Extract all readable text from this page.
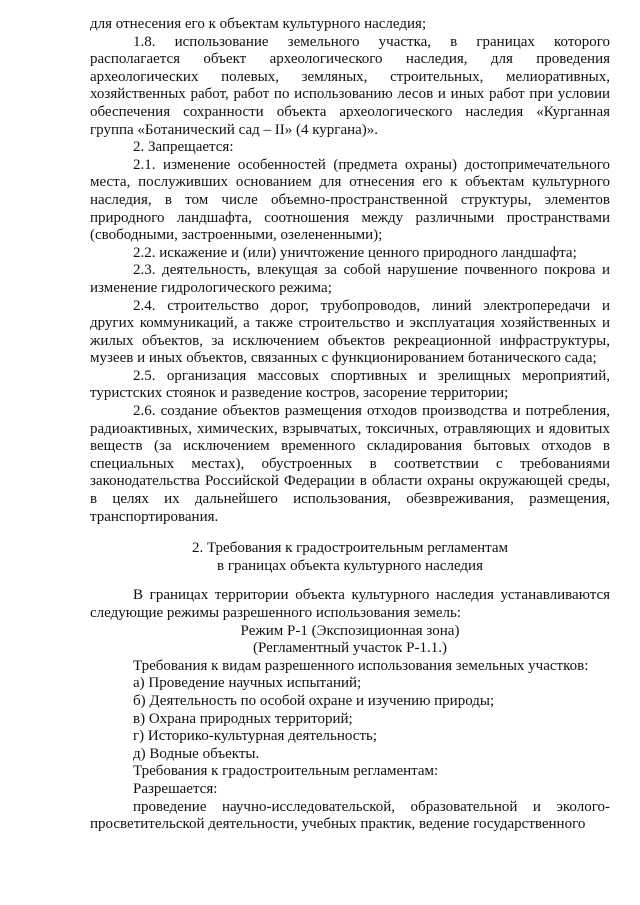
для отнесения его к объектам культурного наследия;

1.8. использование земельного участка, в границах которого располагается объект археологического наследия, для проведения археологических полевых, земляных, строительных, мелиоративных, хозяйственных работ, работ по использованию лесов и иных работ при условии обеспечения сохранности объекта археологического наследия «Курганная группа «Ботанический сад – II» (4 кургана)».

2. Запрещается:

2.1. изменение особенностей (предмета охраны) достопримечательного места, послуживших основанием для отнесения его к объектам культурного наследия, в том числе объемно-пространственной структуры, элементов природного ландшафта, соотношения между различными пространствами (свободными, застроенными, озелененными);

2.2. искажение и (или) уничтожение ценного природного ландшафта;

2.3. деятельность, влекущая за собой нарушение почвенного покрова и изменение гидрологического режима;

2.4. строительство дорог, трубопроводов, линий электропередачи и других коммуникаций, а также строительство и эксплуатация хозяйственных и жилых объектов, за исключением объектов рекреационной инфраструктуры, музеев и иных объектов, связанных с функционированием ботанического сада;

2.5. организация массовых спортивных и зрелищных мероприятий, туристских стоянок и разведение костров, засорение территории;

2.6. создание объектов размещения отходов производства и потребления, радиоактивных, химических, взрывчатых, токсичных, отравляющих и ядовитых веществ (за исключением временного складирования бытовых отходов в специальных местах), обустроенных в соответствии с требованиями законодательства Российской Федерации в области охраны окружающей среды, в целях их дальнейшего использования, обезвреживания, размещения, транспортирования.

2. Требования к градостроительным регламентам

в границах объекта культурного наследия

В границах территории объекта культурного наследия устанавливаются следующие режимы разрешенного использования земель:

Режим Р-1 (Экспозиционная зона)

(Регламентный участок Р-1.1.)

Требования к видам разрешенного использования земельных участков:

а) Проведение научных испытаний;

б) Деятельность по особой охране и изучению природы;

в) Охрана природных территорий;

г) Историко-культурная деятельность;

д) Водные объекты.

Требования к градостроительным регламентам:

Разрешается:

проведение научно-исследовательской, образовательной и эколого-просветительской деятельности, учебных практик, ведение государственного
